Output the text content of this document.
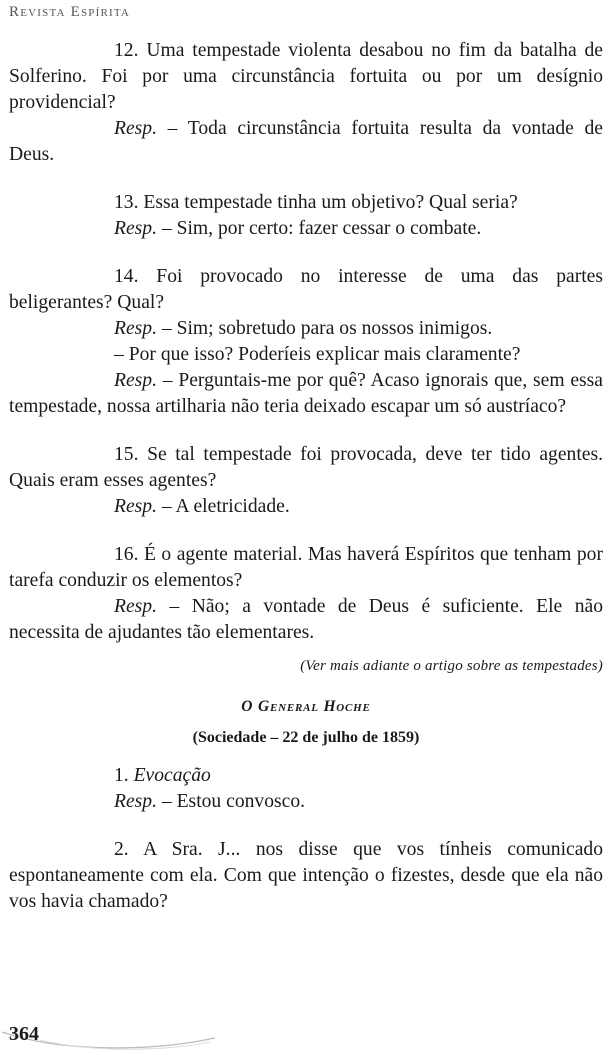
Revista Espírita

12. Uma tempestade violenta desabou no fim da batalha de Solferino. Foi por uma circunstância fortuita ou por um desígnio providencial?

Resp. – Toda circunstância fortuita resulta da vontade de Deus.

13. Essa tempestade tinha um objetivo? Qual seria?

Resp. – Sim, por certo: fazer cessar o combate.

14. Foi provocado no interesse de uma das partes beligerantes? Qual?

Resp. – Sim; sobretudo para os nossos inimigos.

– Por que isso? Poderíeis explicar mais claramente?

Resp. – Perguntais-me por quê? Acaso ignorais que, sem essa tempestade, nossa artilharia não teria deixado escapar um só austríaco?

15. Se tal tempestade foi provocada, deve ter tido agentes. Quais eram esses agentes?

Resp. – A eletricidade.

16. É o agente material. Mas haverá Espíritos que tenham por tarefa conduzir os elementos?

Resp. – Não; a vontade de Deus é suficiente. Ele não necessita de ajudantes tão elementares.

(Ver mais adiante o artigo sobre as tempestades)

O General Hoche

(Sociedade – 22 de julho de 1859)

1. Evocação

Resp. – Estou convosco.

2. A Sra. J... nos disse que vos tínheis comunicado espontaneamente com ela. Com que intenção o fizestes, desde que ela não vos havia chamado?

364
